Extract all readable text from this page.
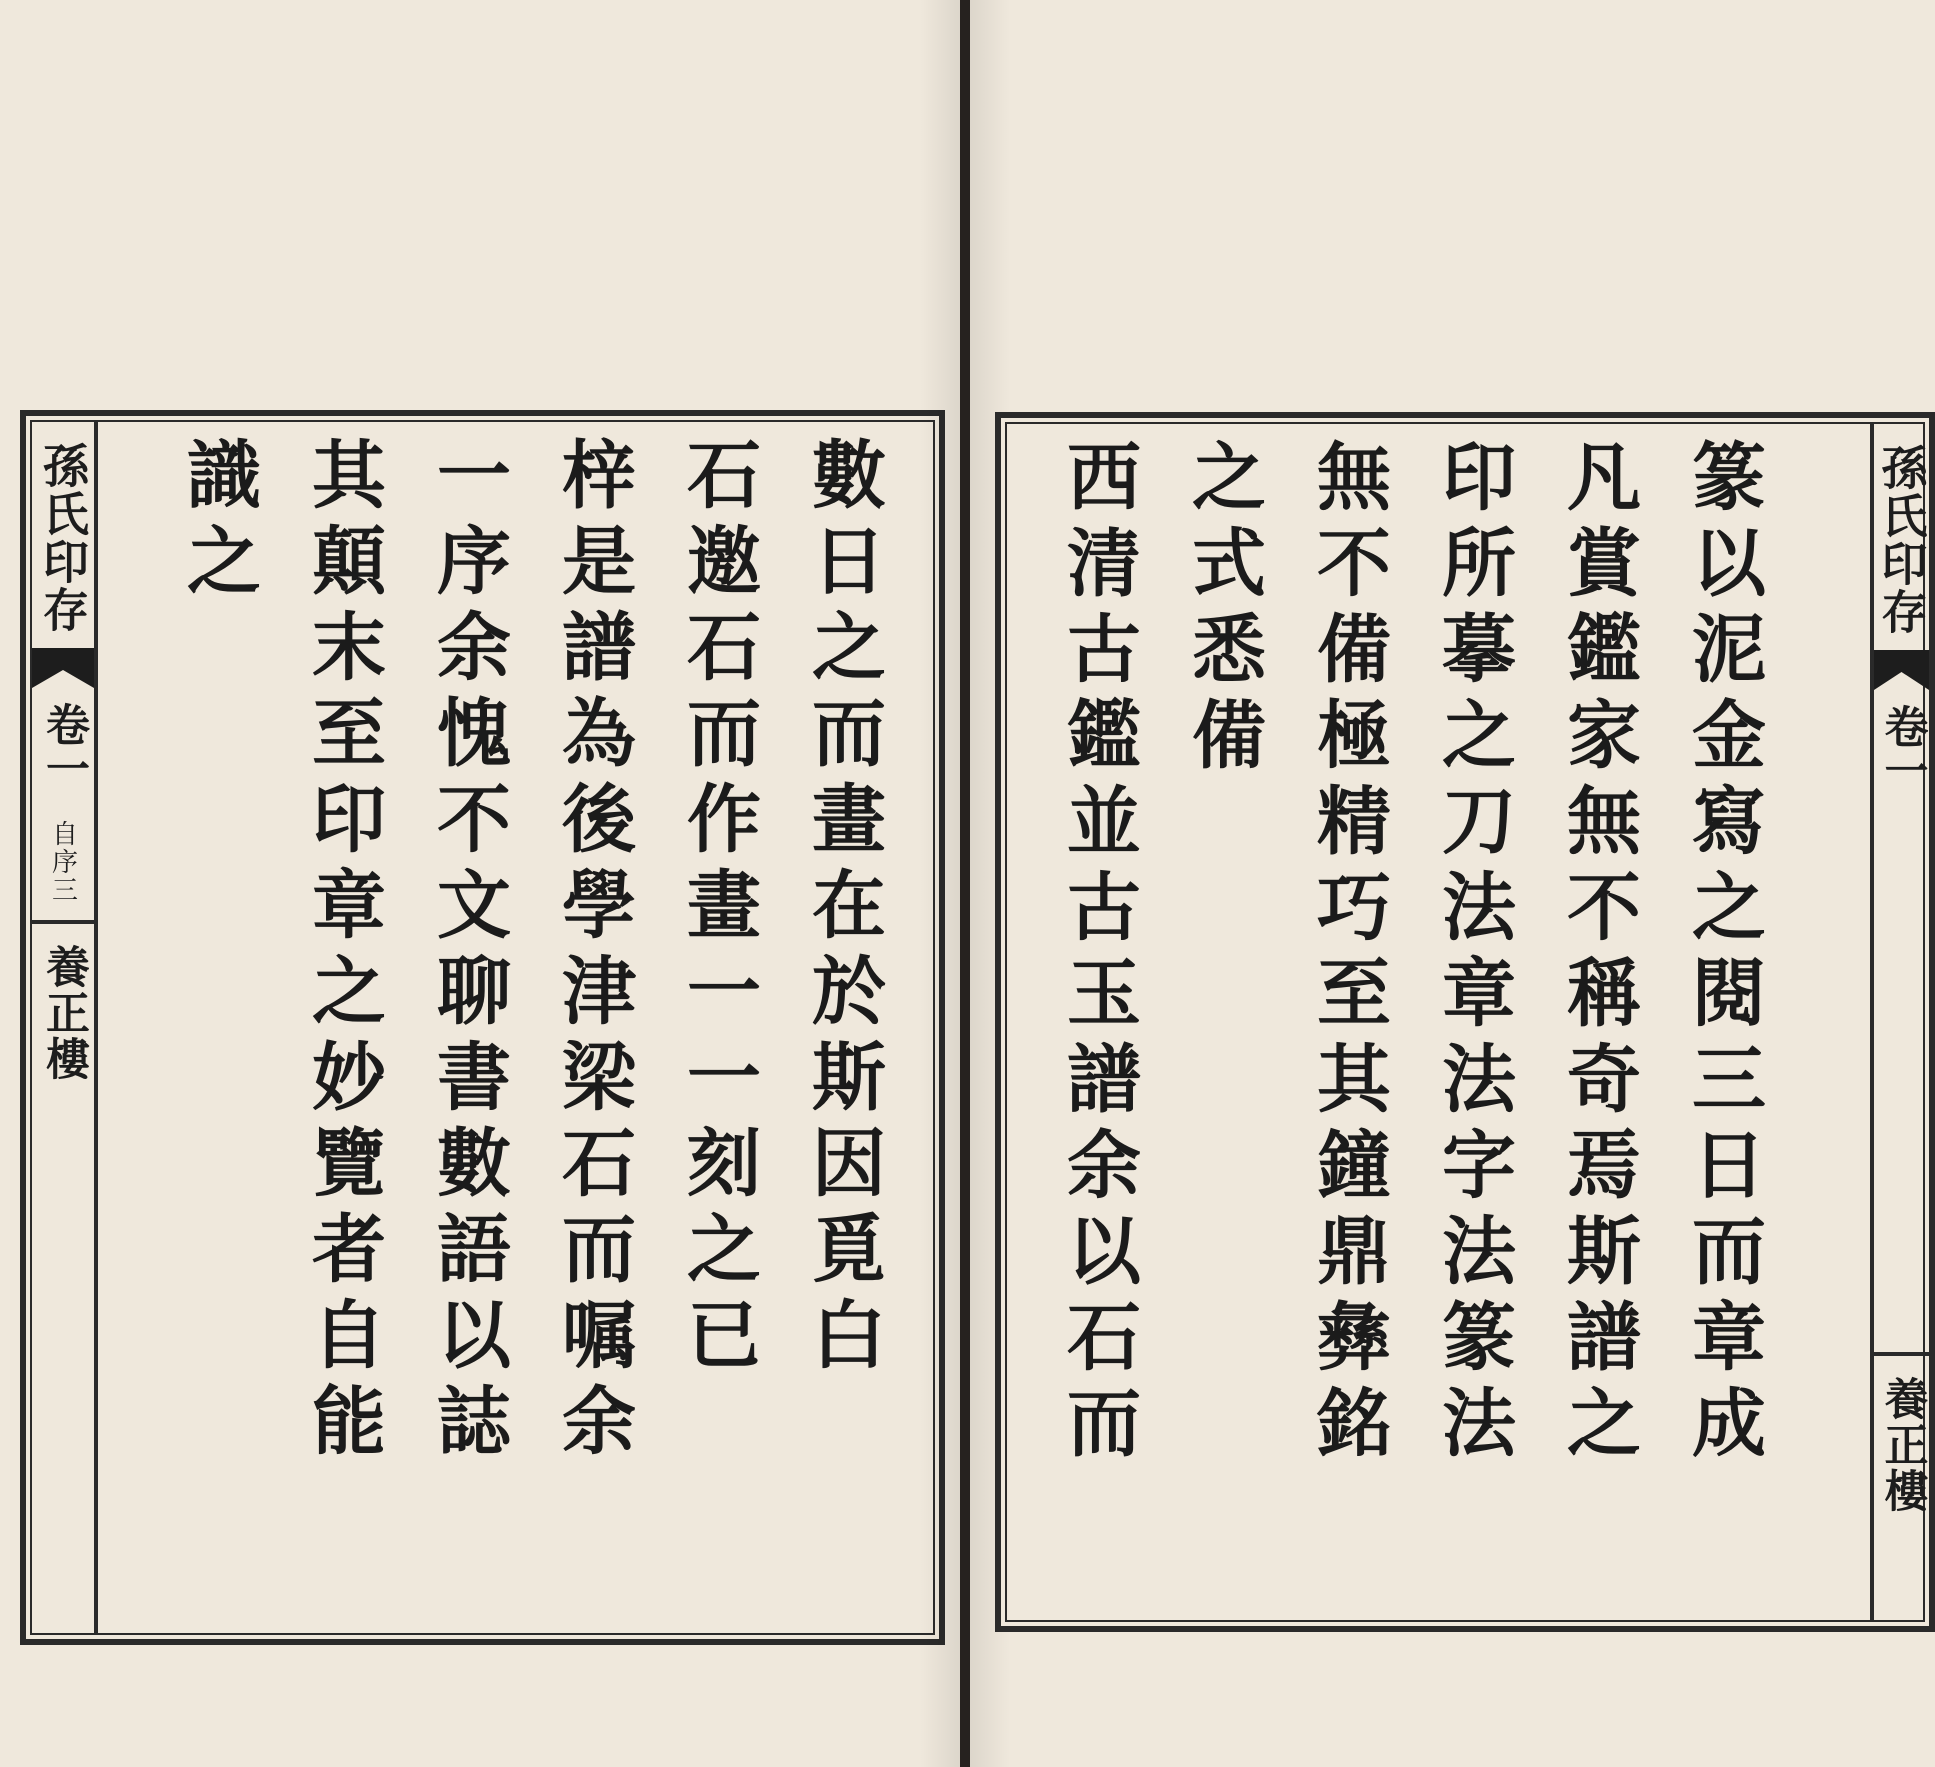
孫氏印存
卷一
自序三
養正樓	數日之而畫在於斯因覓白
石邀石而作畫一一刻之已
梓是譜為後學津梁石而嘱余
一序余愧不文聊書數語以誌
其顛末至印章之妙覽者自能
識之	篆以泥金寫之閱三日而章成
凡賞鑑家無不稱奇焉斯譜之
印所摹之刀法章法字法篆法
無不備極精巧至其鐘鼎彝銘
之式悉備
西清古鑑並古玉譜余以石而	孫氏印存
卷一
養正樓
